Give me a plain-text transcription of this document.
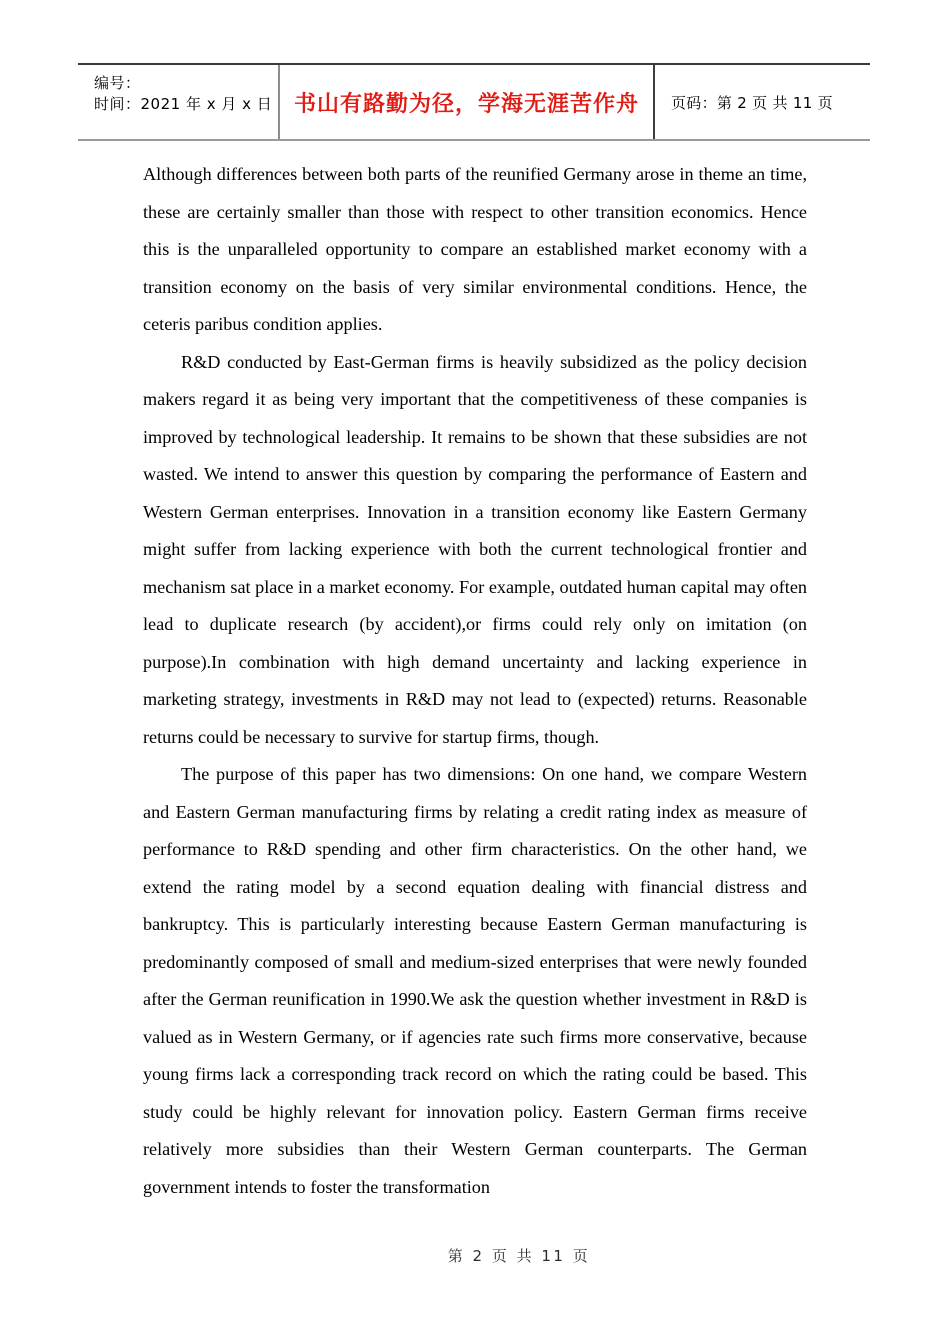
编号：
时间：2021 年 x 月 x 日 书山有路勤为径，学海无涯苦作舟 页码：第 2 页 共 11 页

Although differences between both parts of the reunified Germany arose in theme an time, these are certainly smaller than those with respect to other transition economics. Hence this is the unparalleled opportunity to compare an established market economy with a transition economy on the basis of very similar environmental conditions. Hence, the ceteris paribus condition applies.

R&D conducted by East-German firms is heavily subsidized as the policy decision makers regard it as being very important that the competitiveness of these companies is improved by technological leadership. It remains to be shown that these subsidies are not wasted. We intend to answer this question by comparing the performance of Eastern and Western German enterprises. Innovation in a transition economy like Eastern Germany might suffer from lacking experience with both the current technological frontier and mechanism sat place in a market economy. For example, outdated human capital may often lead to duplicate research (by accident),or firms could rely only on imitation (on purpose).In combination with high demand uncertainty and lacking experience in marketing strategy, investments in R&D may not lead to (expected) returns. Reasonable returns could be necessary to survive for startup firms, though.

The purpose of this paper has two dimensions: On one hand, we compare Western and Eastern German manufacturing firms by relating a credit rating index as measure of performance to R&D spending and other firm characteristics. On the other hand, we extend the rating model by a second equation dealing with financial distress and bankruptcy. This is particularly interesting because Eastern German manufacturing is predominantly composed of small and medium-sized enterprises that were newly founded after the German reunification in 1990.We ask the question whether investment in R&D is valued as in Western Germany, or if agencies rate such firms more conservative, because young firms lack a corresponding track record on which the rating could be based. This study could be highly relevant for innovation policy. Eastern German firms receive relatively more subsidies than their Western German counterparts. The German government intends to foster the transformation

第 2 页 共 11 页
